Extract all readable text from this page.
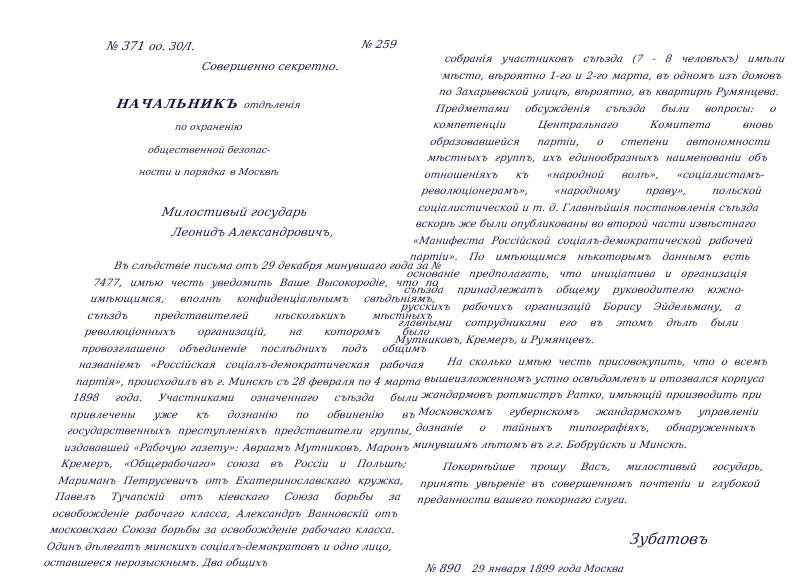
№ 371 оо. 30/I.	№ 259
Совершенно секретно.
НАЧАЛЬНИКЪ отдѣленія по охраненію общественной безопас- ности и порядка в Москвѣ
Милостивый государь
Леонидъ Александровичъ,

Въ слѣдствіе письма отъ 29 декабря минувшаго года за № 7477, имѣю честь уведомить Ваше Высокородіе, что по имѣющимся, вполнѣ конфиденціальнымъ свѣдѣніямъ, съѣздъ представителей нѣсколькихъ мѣстныхъ революціонныхъ организацій, на которомъ было провозглашено объединеніе послѣднихъ подъ общимъ названіемъ «Россійская соціалъ-демократическая рабочая партія», происходилъ въ г. Минскѣ съ 28 февраля по 4 марта 1898 года. Участниками означеннаго съѣзда были привлечены уже къ дознанію по обвиненію въ государственныхъ преступленіяхъ представители группы, издававшей «Рабочую газету»: Авраамъ Мутниковъ, Маронъ Кремеръ, «Общерабочаго» союза въ Россіи и Польшѣ; Мариманъ Петрусевичъ отъ Екатеринославскаго кружка, Павелъ Тучапскій отъ кіевскаго Союза борьбы за освобожденіе рабочаго класса, Александръ Ванновскій отъ московскаго Союза борьбы за освобожденіе рабочаго класса. Одинъ дѣлегатъ минскихъ соціалъ-демократовъ и одно лицо, оставшееся нерозыскнымъ. Два общихъ

собранія участниковъ съѣзда (7 - 8 человѣкъ) имѣли мѣсто, вѣроятно 1-го и 2-го марта, въ одномъ изъ домовъ по Захарьевской улицѣ, вѣроятно, въ квартирѣ Румянцева. Предметами обсужденія съѣзда были вопросы: о компетенціи Центральнаго Комитета вновь образовавшейся партіи, о степени автономности мѣстныхъ группъ, ихъ единообразныхъ наименованіи объ отношеніяхъ къ «народной волѣ», «соціалистамъ-революціонерамъ», «народному праву», польской соціалистической и т. д. Главнѣйшія постановленія съѣзда вскорѣ же были опубликованы во второй части извѣстнаго «Манифеста Россійской соціалъ-демократической рабочей партіи». По имѣющимся нѣкоторымъ даннымъ есть основаніе предполагать, что иниціатива и организація съѣзда принадлежатъ общему руководителю южно-русскихъ рабочихъ организацій Борису Эйдельману, а главными сотрудниками его въ этомъ дѣлѣ были Мутниковъ, Кремеръ, и Румянцевъ.

На сколько имѣю честь присовокупить, что о всемъ вышеизложенномъ устно освѣдомленъ и отозвался корпуса жандармовъ ротмистръ Ратко, имѣющій производить при Московскомъ губернскомъ жандармскомъ управленіи дознаніе о тайныхъ типографіяхъ, обнаруженныхъ минувшимъ лѣтомъ въ г.г. Бобруйскѣ и Минскѣ.

Покорнѣйше прошу Васъ, милостивый государь, принять увѣреніе въ совершенномъ почтеніи и глубокой преданности вашего покорнаго слуги.

Зубатовъ
№ 890 29 января 1899 года Москва
